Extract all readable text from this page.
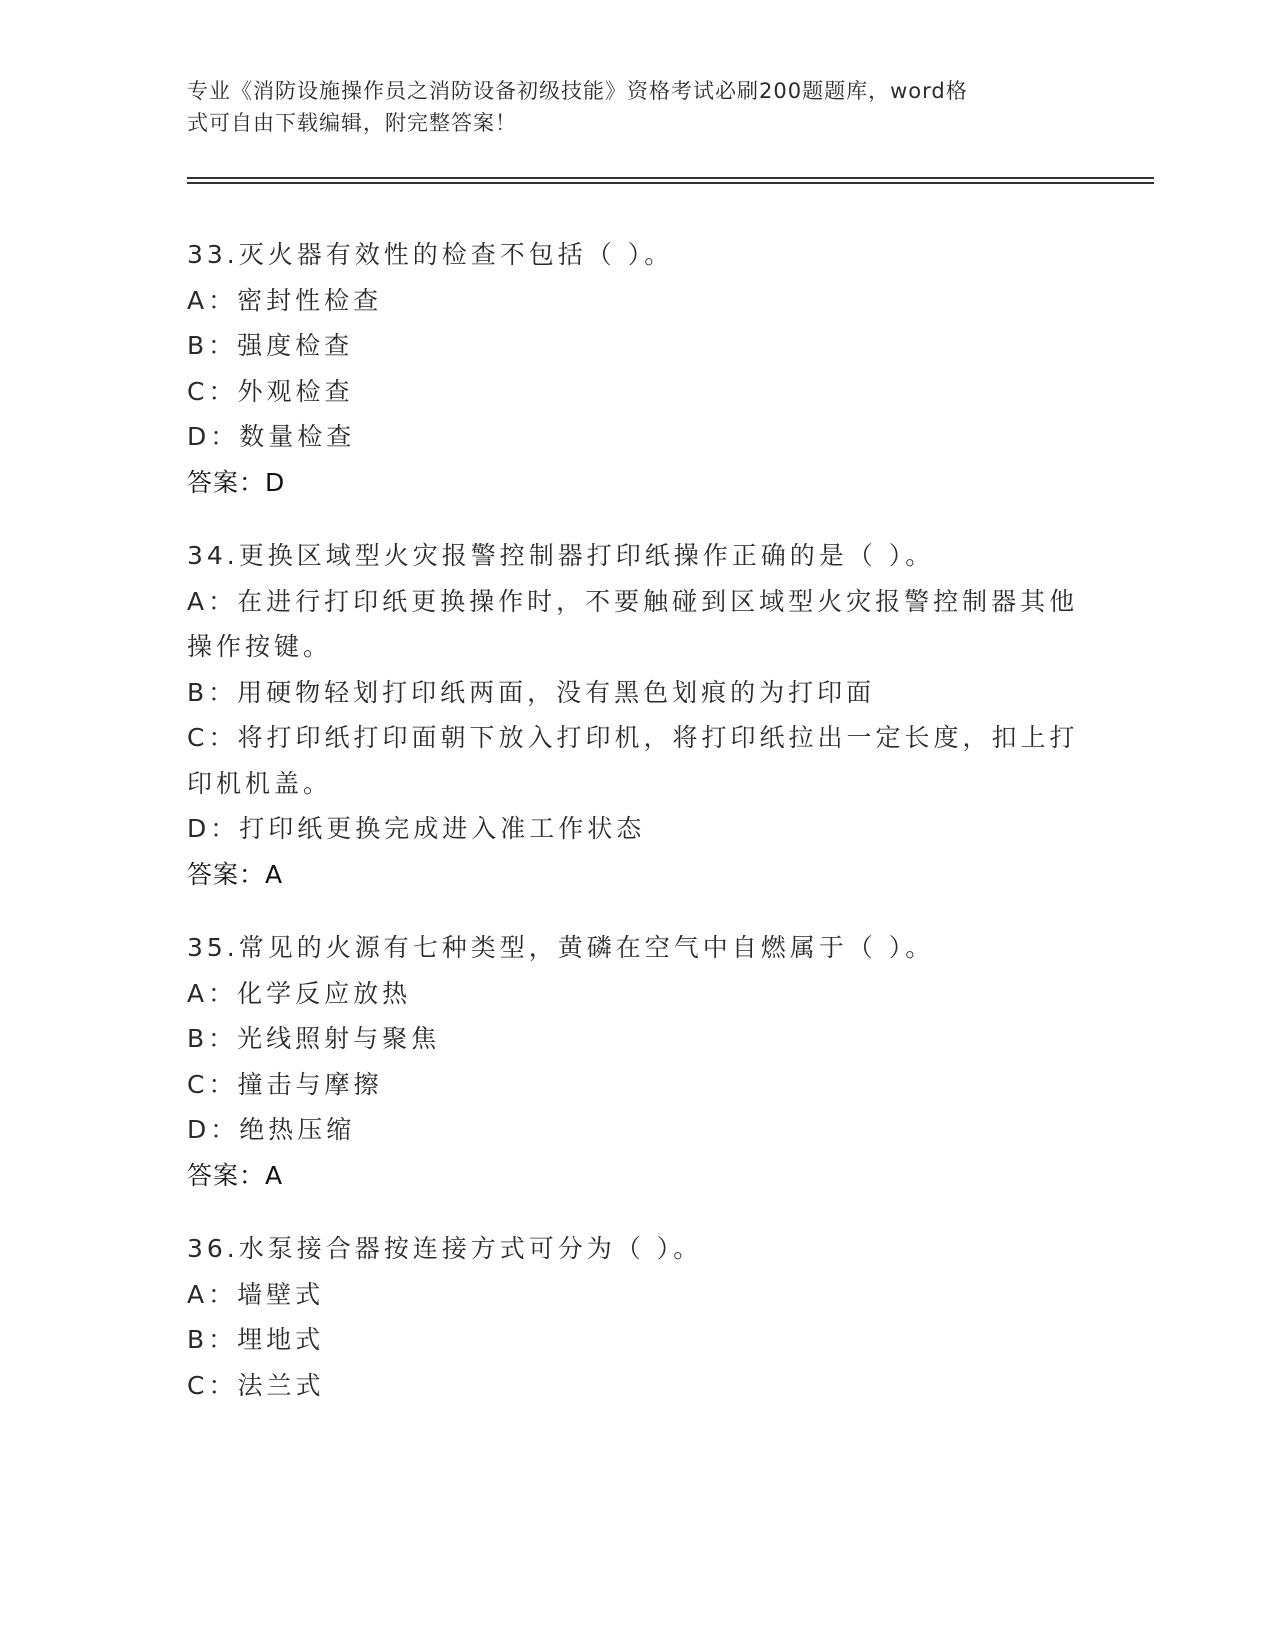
专业《消防设施操作员之消防设备初级技能》资格考试必刷200题题库，word格
式可自由下载编辑，附完整答案！
33.灭火器有效性的检查不包括（ ）。
A：密封性检查
B：强度检查
C：外观检查
D：数量检查
答案：D
34.更换区域型火灾报警控制器打印纸操作正确的是（ ）。
A：在进行打印纸更换操作时，不要触碰到区域型火灾报警控制器其他
操作按键。
B：用硬物轻划打印纸两面，没有黑色划痕的为打印面
C：将打印纸打印面朝下放入打印机，将打印纸拉出一定长度，扣上打
印机机盖。
D：打印纸更换完成进入准工作状态
答案：A
35.常见的火源有七种类型，黄磷在空气中自燃属于（ ）。
A：化学反应放热
B：光线照射与聚焦
C：撞击与摩擦
D：绝热压缩
答案：A
36.水泵接合器按连接方式可分为（ ）。
A：墙壁式
B：埋地式
C：法兰式
